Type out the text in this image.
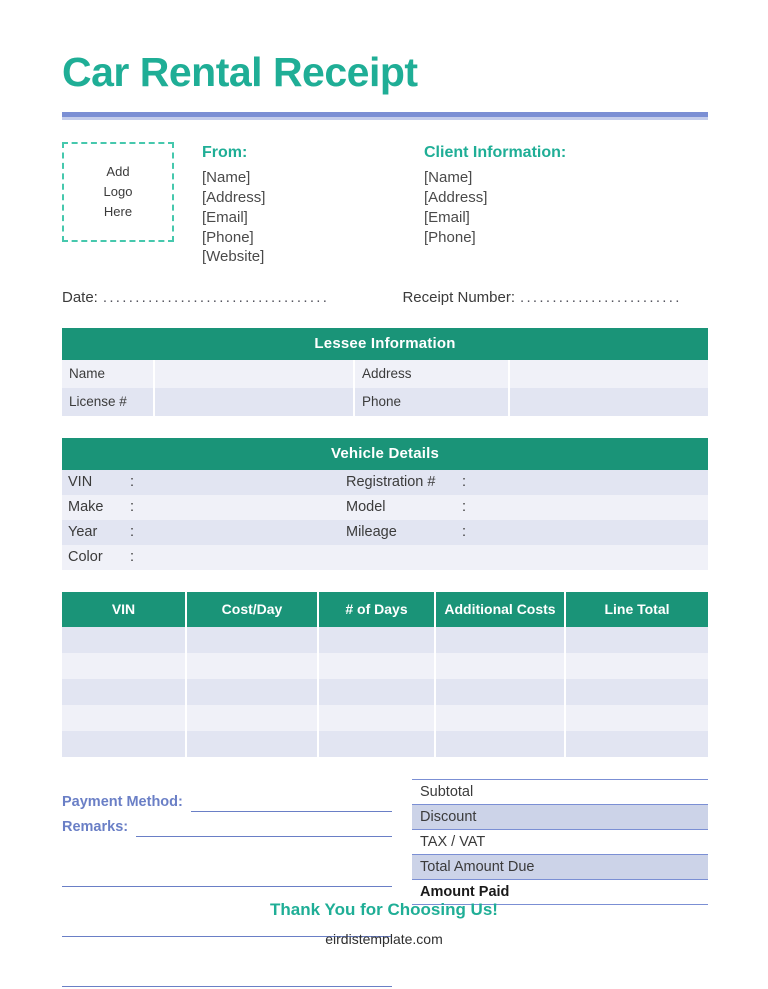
Car Rental Receipt
Add
Logo
Here
From:
[Name]
[Address]
[Email]
[Phone]
[Website]
Client Information:
[Name]
[Address]
[Email]
[Phone]
Date: ...................................	Receipt Number: .........................
Lessee Information
Name		Address	
License #		Phone	
Vehicle Details
VIN	:		Registration #	:	
Make	:		Model	:	
Year	:		Mileage	:	
Color	:				
VIN	Cost/Day	# of Days	Additional Costs	Line Total

Payment Method:
Remarks:
Subtotal
Discount
TAX / VAT
Total Amount Due
Amount Paid
Thank You for Choosing Us!
eirdistemplate.com
